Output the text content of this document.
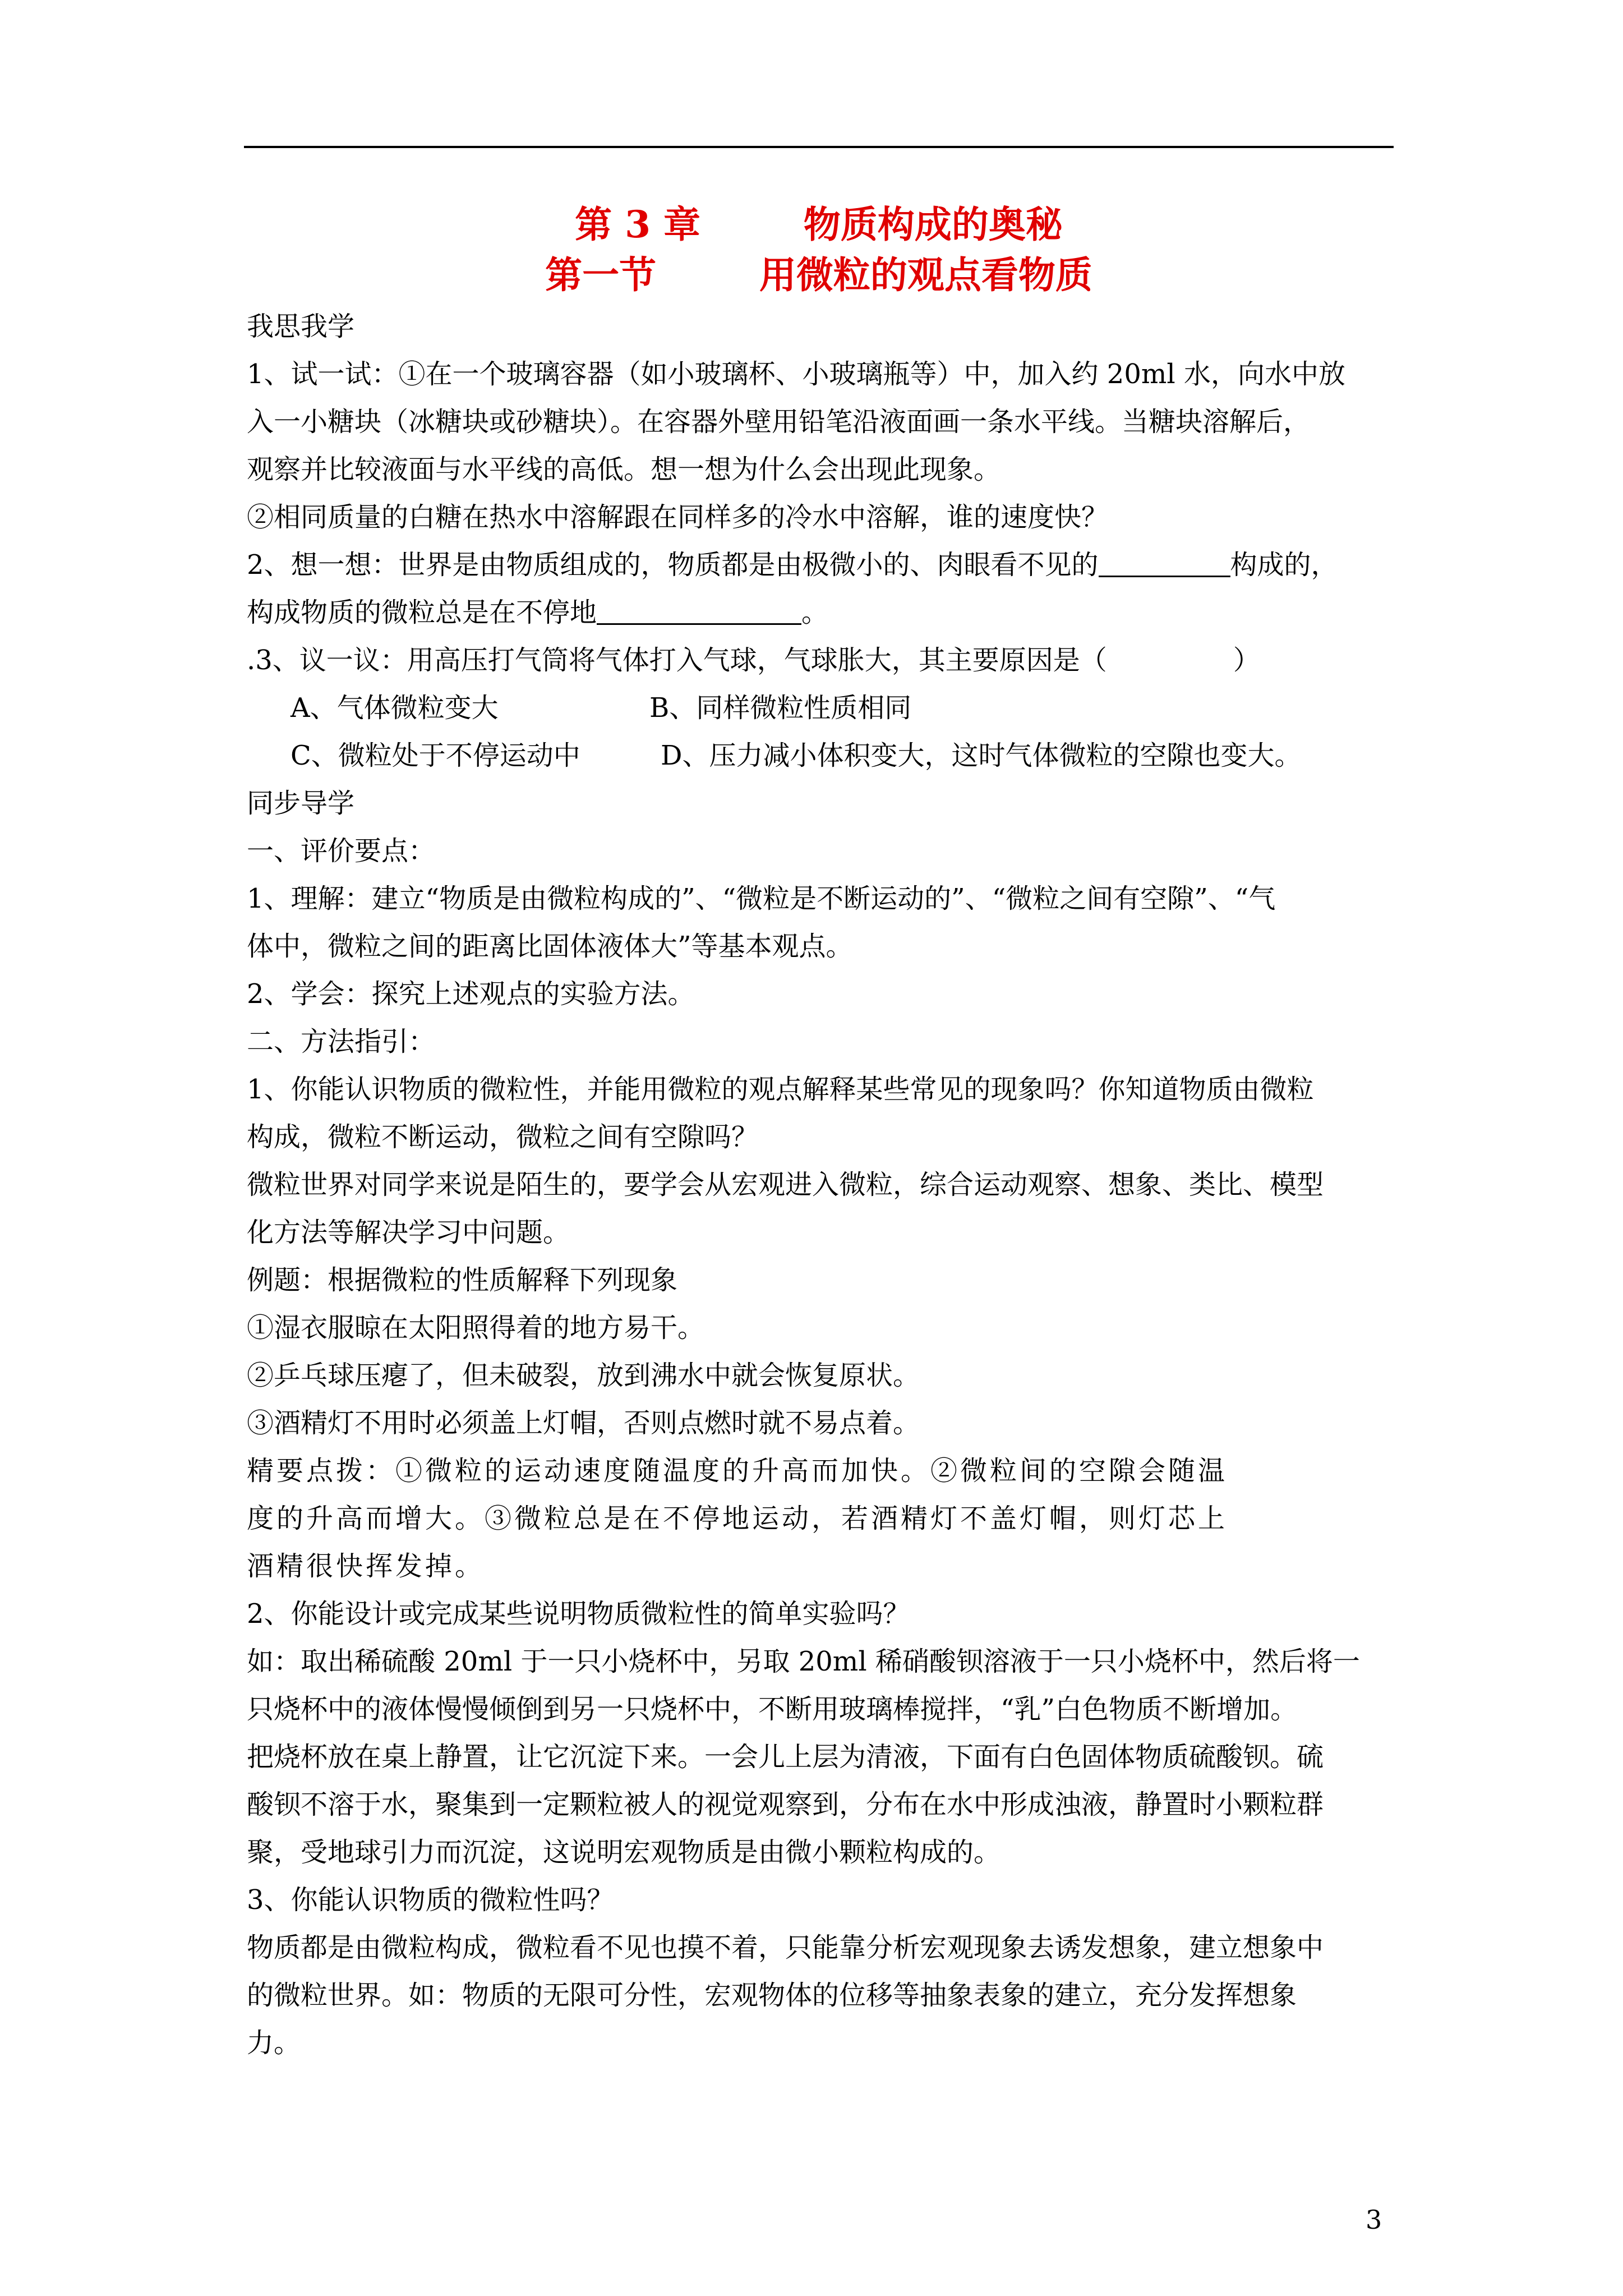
第 3 章        物质构成的奥秘
第一节        用微粒的观点看物质

我思我学

1、试一试：①在一个玻璃容器（如小玻璃杯、小玻璃瓶等）中，加入约 20ml 水，向水中放

入一小糖块（冰糖块或砂糖块）。在容器外壁用铅笔沿液面画一条水平线。当糖块溶解后，

观察并比较液面与水平线的高低。想一想为什么会出现此现象。

②相同质量的白糖在热水中溶解跟在同样多的冷水中溶解，谁的速度快？

2、想一想：世界是由物质组成的，物质都是由极微小的、肉眼看不见的	构成的，

构成物质的微粒总是在不停地	。

.3、议一议：用高压打气筒将气体打入气球，气球胀大，其主要原因是（	）

A、气体微粒变大	B、同样微粒性质相同

C、微粒处于不停运动中	D、压力减小体积变大，这时气体微粒的空隙也变大。

同步导学

一、评价要点：

1、理解：建立“物质是由微粒构成的”、“微粒是不断运动的”、“微粒之间有空隙”、“气

体中，微粒之间的距离比固体液体大”等基本观点。

2、学会：探究上述观点的实验方法。

二、方法指引：

1、你能认识物质的微粒性，并能用微粒的观点解释某些常见的现象吗？你知道物质由微粒

构成，微粒不断运动，微粒之间有空隙吗？

微粒世界对同学来说是陌生的，要学会从宏观进入微粒，综合运动观察、想象、类比、模型

化方法等解决学习中问题。

例题：根据微粒的性质解释下列现象

①湿衣服晾在太阳照得着的地方易干。

②乒乓球压瘪了，但未破裂，放到沸水中就会恢复原状。

③酒精灯不用时必须盖上灯帽，否则点燃时就不易点着。

精要点拨：①微粒的运动速度随温度的升高而加快。②微粒间的空隙会随温

度的升高而增大。③微粒总是在不停地运动，若酒精灯不盖灯帽，则灯芯上

酒精很快挥发掉。

2、你能设计或完成某些说明物质微粒性的简单实验吗？

如：取出稀硫酸 20ml 于一只小烧杯中，另取 20ml 稀硝酸钡溶液于一只小烧杯中，然后将一

只烧杯中的液体慢慢倾倒到另一只烧杯中，不断用玻璃棒搅拌，“乳”白色物质不断增加。

把烧杯放在桌上静置，让它沉淀下来。一会儿上层为清液，下面有白色固体物质硫酸钡。硫

酸钡不溶于水，聚集到一定颗粒被人的视觉观察到，分布在水中形成浊液，静置时小颗粒群

聚，受地球引力而沉淀，这说明宏观物质是由微小颗粒构成的。

3、你能认识物质的微粒性吗？

物质都是由微粒构成，微粒看不见也摸不着，只能靠分析宏观现象去诱发想象，建立想象中

的微粒世界。如：物质的无限可分性，宏观物体的位移等抽象表象的建立，充分发挥想象

力。

3
